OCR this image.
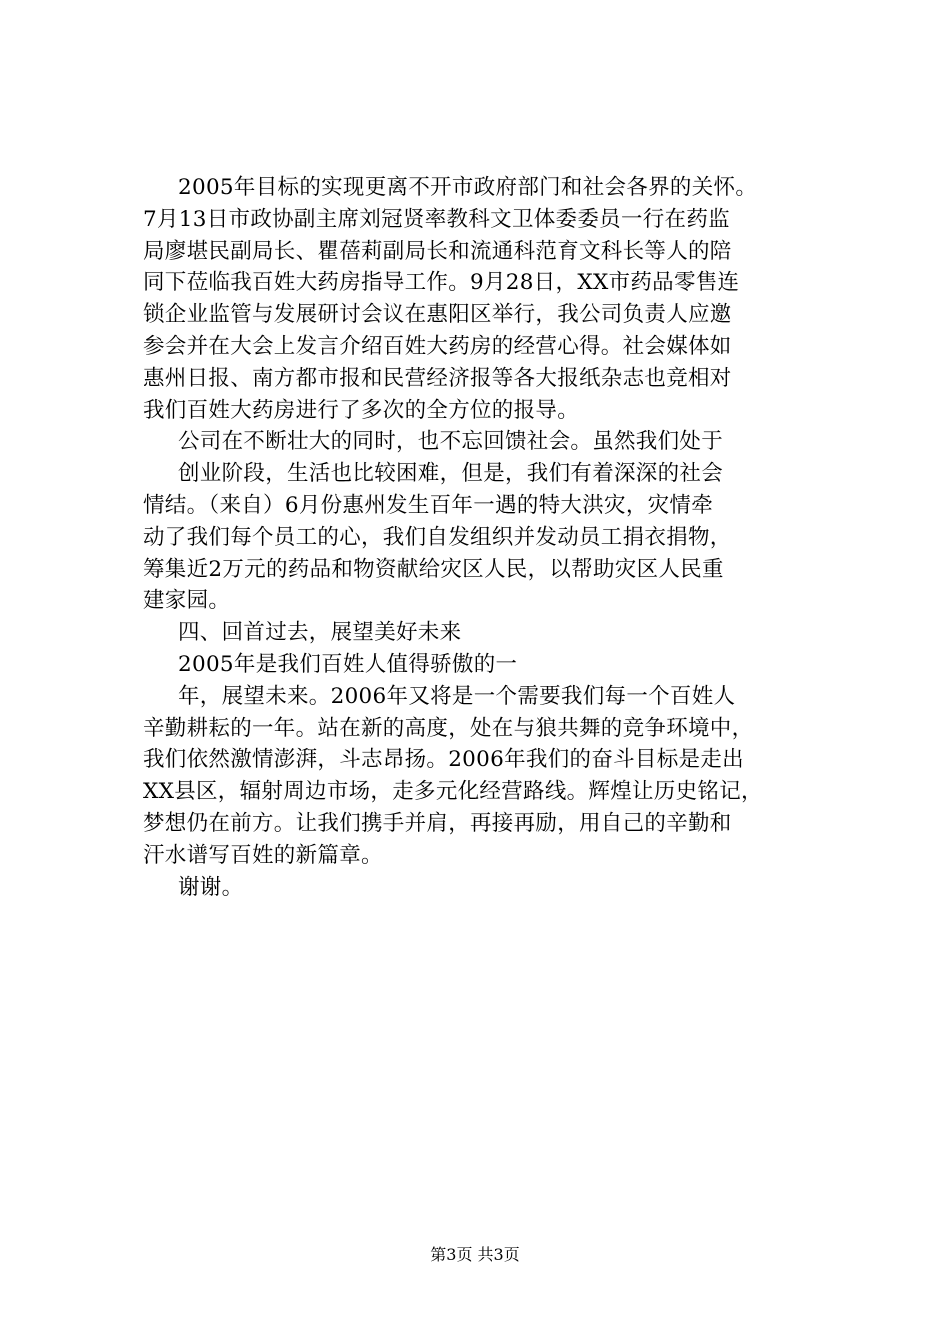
2005年目标的实现更离不开市政府部门和社会各界的关怀。
7月13日市政协副主席刘冠贤率教科文卫体委委员一行在药监
局廖堪民副局长、瞿蓓莉副局长和流通科范育文科长等人的陪
同下莅临我百姓大药房指导工作。9月28日，XX市药品零售连
锁企业监管与发展研讨会议在惠阳区举行，我公司负责人应邀
参会并在大会上发言介绍百姓大药房的经营心得。社会媒体如
惠州日报、南方都市报和民营经济报等各大报纸杂志也竞相对
我们百姓大药房进行了多次的全方位的报导。
公司在不断壮大的同时，也不忘回馈社会。虽然我们处于
创业阶段，生活也比较困难，但是，我们有着深深的社会
情结。（来自）6月份惠州发生百年一遇的特大洪灾，灾情牵
动了我们每个员工的心，我们自发组织并发动员工捐衣捐物，
筹集近2万元的药品和物资献给灾区人民，以帮助灾区人民重
建家园。
四、回首过去，展望美好未来
2005年是我们百姓人值得骄傲的一
年，展望未来。2006年又将是一个需要我们每一个百姓人
辛勤耕耘的一年。站在新的高度，处在与狼共舞的竞争环境中，
我们依然激情澎湃，斗志昂扬。2006年我们的奋斗目标是走出
XX县区，辐射周边市场，走多元化经营路线。辉煌让历史铭记，
梦想仍在前方。让我们携手并肩，再接再励，用自己的辛勤和
汗水谱写百姓的新篇章。
谢谢。
第3页 共3页
